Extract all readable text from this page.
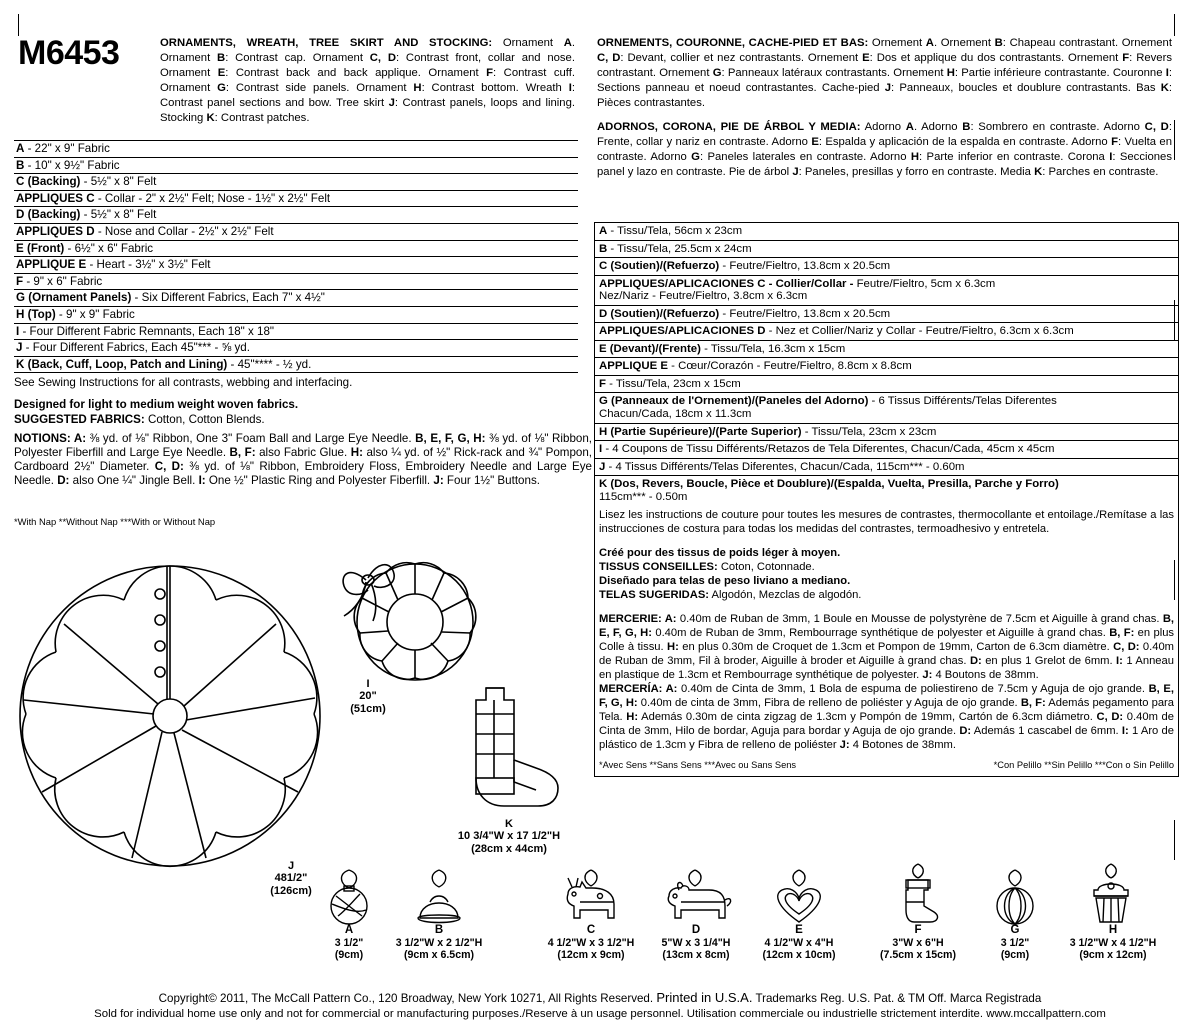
M6453	ORNAMENTS, WREATH, TREE SKIRT AND STOCKING: Ornament A. Ornament B: Contrast cap. Ornament C, D: Contrast front, collar and nose. Ornament E: Contrast back and back applique. Ornament F: Contrast cuff. Ornament G: Contrast side panels. Ornament H: Contrast bottom. Wreath I: Contrast panel sections and bow. Tree skirt J: Contrast panels, loops and lining. Stocking K: Contrast patches.
ORNEMENTS, COURONNE, CACHE-PIED ET BAS: Ornement A. Ornement B: Chapeau contrastant. Ornement C, D: Devant, collier et nez contrastants. Ornement E: Dos et applique du dos contrastants. Ornement F: Revers contrastant. Ornement G: Panneaux latéraux contrastants. Ornement H: Partie inférieure contrastante. Couronne I: Sections panneau et noeud contrastantes. Cache-pied J: Panneaux, boucles et doublure contrastants. Bas K: Pièces contrastantes.
ADORNOS, CORONA, PIE DE ÁRBOL Y MEDIA: Adorno A. Adorno B: Sombrero en contraste. Adorno C, D: Frente, collar y nariz en contraste. Adorno E: Espalda y aplicación de la espalda en contraste. Adorno F: Vuelta en contraste. Adorno G: Paneles laterales en contraste. Adorno H: Parte inferior en contraste. Corona I: Secciones panel y lazo en contraste. Pie de árbol J: Paneles, presillas y forro en contraste. Media K: Parches en contraste.
A - 22" x 9" Fabric
B - 10" x 9½" Fabric
C (Backing) - 5½" x 8" Felt
APPLIQUES C - Collar - 2" x 2½" Felt; Nose - 1½" x 2½" Felt
D (Backing) - 5½" x 8" Felt
APPLIQUES D - Nose and Collar - 2½" x 2½" Felt
E (Front) - 6½" x 6" Fabric
APPLIQUE E - Heart - 3½" x 3½" Felt
F - 9" x 6" Fabric
G (Ornament Panels) - Six Different Fabrics, Each 7" x 4½"
H (Top) - 9" x 9" Fabric
I - Four Different Fabric Remnants, Each 18" x 18"
J - Four Different Fabrics, Each 45"*** - ⅝ yd.
K (Back, Cuff, Loop, Patch and Lining) - 45"**** - ½ yd.
See Sewing Instructions for all contrasts, webbing and interfacing.
Designed for light to medium weight woven fabrics.
SUGGESTED FABRICS: Cotton, Cotton Blends.
NOTIONS: A: ⅜ yd. of ⅛" Ribbon, One 3" Foam Ball and Large Eye Needle. B, E, F, G, H: ⅜ yd. of ⅛" Ribbon, Polyester Fiberfill and Large Eye Needle. B, F: also Fabric Glue. H: also ¼ yd. of ½" Rick-rack and ¾" Pompon, Cardboard 2½" Diameter. C, D: ⅜ yd. of ⅛" Ribbon, Embroidery Floss, Embroidery Needle and Large Eye Needle. D: also One ¼" Jingle Bell. I: One ½" Plastic Ring and Polyester Fiberfill. J: Four 1½" Buttons.
*With Nap **Without Nap ***With or Without Nap
A - Tissu/Tela, 56cm x 23cm
B - Tissu/Tela, 25.5cm x 24cm
C (Soutien)/(Refuerzo) - Feutre/Fieltro, 13.8cm x 20.5cm
APPLIQUES/APLICACIONES C - Collier/Collar - Feutre/Fieltro, 5cm x 6.3cm
Nez/Nariz - Feutre/Fieltro, 3.8cm x 6.3cm
D (Soutien)/(Refuerzo) - Feutre/Fieltro, 13.8cm x 20.5cm
APPLIQUES/APLICACIONES D - Nez et Collier/Nariz y Collar - Feutre/Fieltro, 6.3cm x 6.3cm
E (Devant)/(Frente) - Tissu/Tela, 16.3cm x 15cm
APPLIQUE E - Cœur/Corazón - Feutre/Fieltro, 8.8cm x 8.8cm
F - Tissu/Tela, 23cm x 15cm
G (Panneaux de l'Ornement)/(Paneles del Adorno) - 6 Tissus Différents/Telas Diferentes
Chacun/Cada, 18cm x 11.3cm
H (Partie Supérieure)/(Parte Superior) - Tissu/Tela, 23cm x 23cm
I - 4 Coupons de Tissu Différents/Retazos de Tela Diferentes, Chacun/Cada, 45cm x 45cm
J - 4 Tissus Différents/Telas Diferentes, Chacun/Cada, 115cm*** - 0.60m
K (Dos, Revers, Boucle, Pièce et Doublure)/(Espalda, Vuelta, Presilla, Parche y Forro)
115cm*** - 0.50m
Lisez les instructions de couture pour toutes les mesures de contrastes, thermocollante et entoilage./Remítase a las instrucciones de costura para todas los medidas del contrastes, termoadhesivo y entretela.
Créé pour des tissus de poids léger à moyen.
TISSUS CONSEILLES: Coton, Cotonnade.
Diseñado para telas de peso liviano a mediano.
TELAS SUGERIDAS: Algodón, Mezclas de algodón.
MERCERIE: A: 0.40m de Ruban de 3mm, 1 Boule en Mousse de polystyrène de 7.5cm et Aiguille à grand chas. B, E, F, G, H: 0.40m de Ruban de 3mm, Rembourrage synthétique de polyester et Aiguille à grand chas. B, F: en plus Colle à tissu. H: en plus 0.30m de Croquet de 1.3cm et Pompon de 19mm, Carton de 6.3cm diamètre. C, D: 0.40m de Ruban de 3mm, Fil à broder, Aiguille à broder et Aiguille à grand chas. D: en plus 1 Grelot de 6mm. I: 1 Anneau en plastique de 1.3cm et Rembourrage synthétique de polyester. J: 4 Boutons de 38mm.
MERCERÍA: A: 0.40m de Cinta de 3mm, 1 Bola de espuma de poliestireno de 7.5cm y Aguja de ojo grande. B, E, F, G, H: 0.40m de cinta de 3mm, Fibra de relleno de poliéster y Aguja de ojo grande. B, F: Además pegamento para Tela. H: Además 0.30m de cinta zigzag de 1.3cm y Pompón de 19mm, Cartón de 6.3cm diámetro. C, D: 0.40m de Cinta de 3mm, Hilo de bordar, Aguja para bordar y Aguja de ojo grande. D: Además 1 cascabel de 6mm. I: 1 Aro de plástico de 1.3cm y Fibra de relleno de poliéster J: 4 Botones de 38mm.
*Avec Sens **Sans Sens ***Avec ou Sans Sens	*Con Pelillo **Sin Pelillo ***Con o Sin Pelillo
J
481/2"
(126cm)
I
20"
(51cm)
K
10 3/4"W x 17 1/2"H
(28cm x 44cm)
A
3 1/2"
(9cm)
B
3 1/2"W x 2 1/2"H
(9cm x 6.5cm)
C
4 1/2"W x 3 1/2"H
(12cm x 9cm)
D
5"W x 3 1/4"H
(13cm x 8cm)
E
4 1/2"W x 4"H
(12cm x 10cm)
F
3"W x 6"H
(7.5cm x 15cm)
G
3 1/2"
(9cm)
H
3 1/2"W x 4 1/2"H
(9cm x 12cm)
Copyright© 2011, The McCall Pattern Co., 120 Broadway, New York 10271, All Rights Reserved. Printed in U.S.A. Trademarks Reg. U.S. Pat. & TM Off. Marca Registrada
Sold for individual home use only and not for commercial or manufacturing purposes./Reserve à un usage personnel. Utilisation commerciale ou industrielle strictement interdite. www.mccallpattern.com
